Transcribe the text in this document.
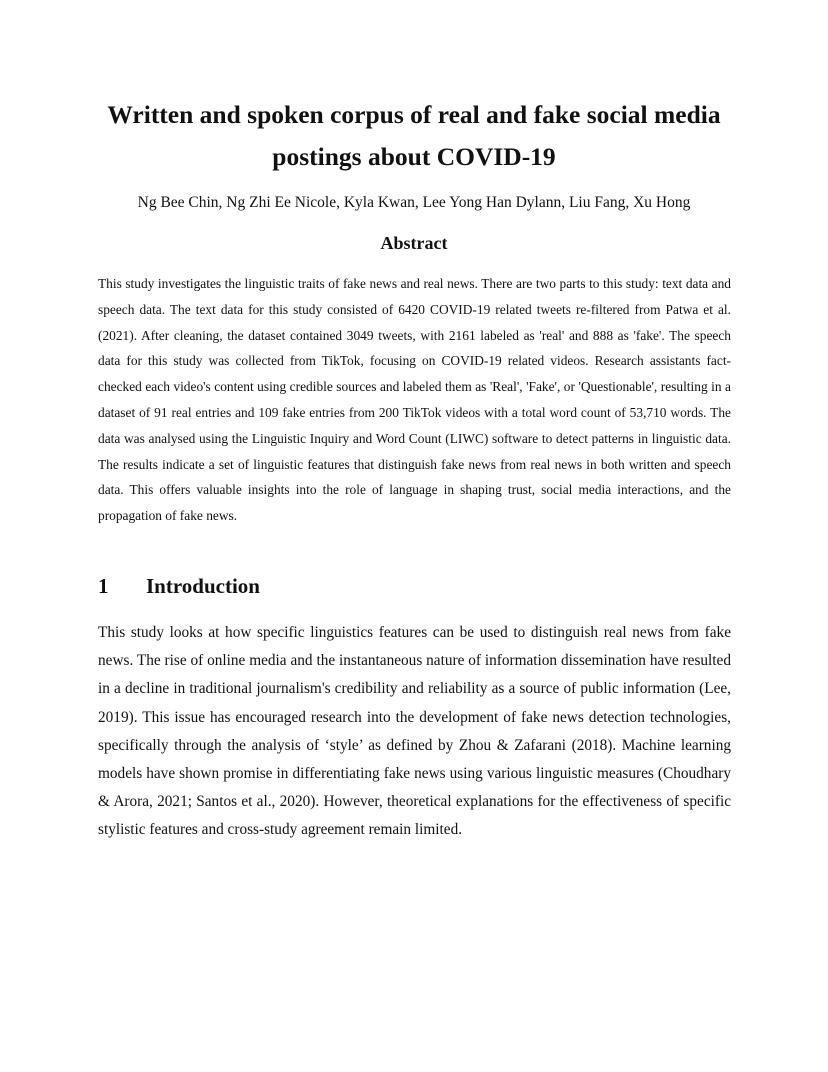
Written and spoken corpus of real and fake social media
postings about COVID-19

Ng Bee Chin, Ng Zhi Ee Nicole, Kyla Kwan, Lee Yong Han Dylann, Liu Fang, Xu Hong

Abstract

This study investigates the linguistic traits of fake news and real news. There are two parts to this study: text data and speech data. The text data for this study consisted of 6420 COVID-19 related tweets re-filtered from Patwa et al. (2021). After cleaning, the dataset contained 3049 tweets, with 2161 labeled as 'real' and 888 as 'fake'. The speech data for this study was collected from TikTok, focusing on COVID-19 related videos. Research assistants fact-checked each video's content using credible sources and labeled them as 'Real', 'Fake', or 'Questionable', resulting in a dataset of 91 real entries and 109 fake entries from 200 TikTok videos with a total word count of 53,710 words. The data was analysed using the Linguistic Inquiry and Word Count (LIWC) software to detect patterns in linguistic data. The results indicate a set of linguistic features that distinguish fake news from real news in both written and speech data. This offers valuable insights into the role of language in shaping trust, social media interactions, and the propagation of fake news.

1	Introduction

This study looks at how specific linguistics features can be used to distinguish real news from fake news. The rise of online media and the instantaneous nature of information dissemination have resulted in a decline in traditional journalism's credibility and reliability as a source of public information (Lee, 2019). This issue has encouraged research into the development of fake news detection technologies, specifically through the analysis of ‘style’ as defined by Zhou & Zafarani (2018). Machine learning models have shown promise in differentiating fake news using various linguistic measures (Choudhary & Arora, 2021; Santos et al., 2020). However, theoretical explanations for the effectiveness of specific stylistic features and cross-study agreement remain limited.
